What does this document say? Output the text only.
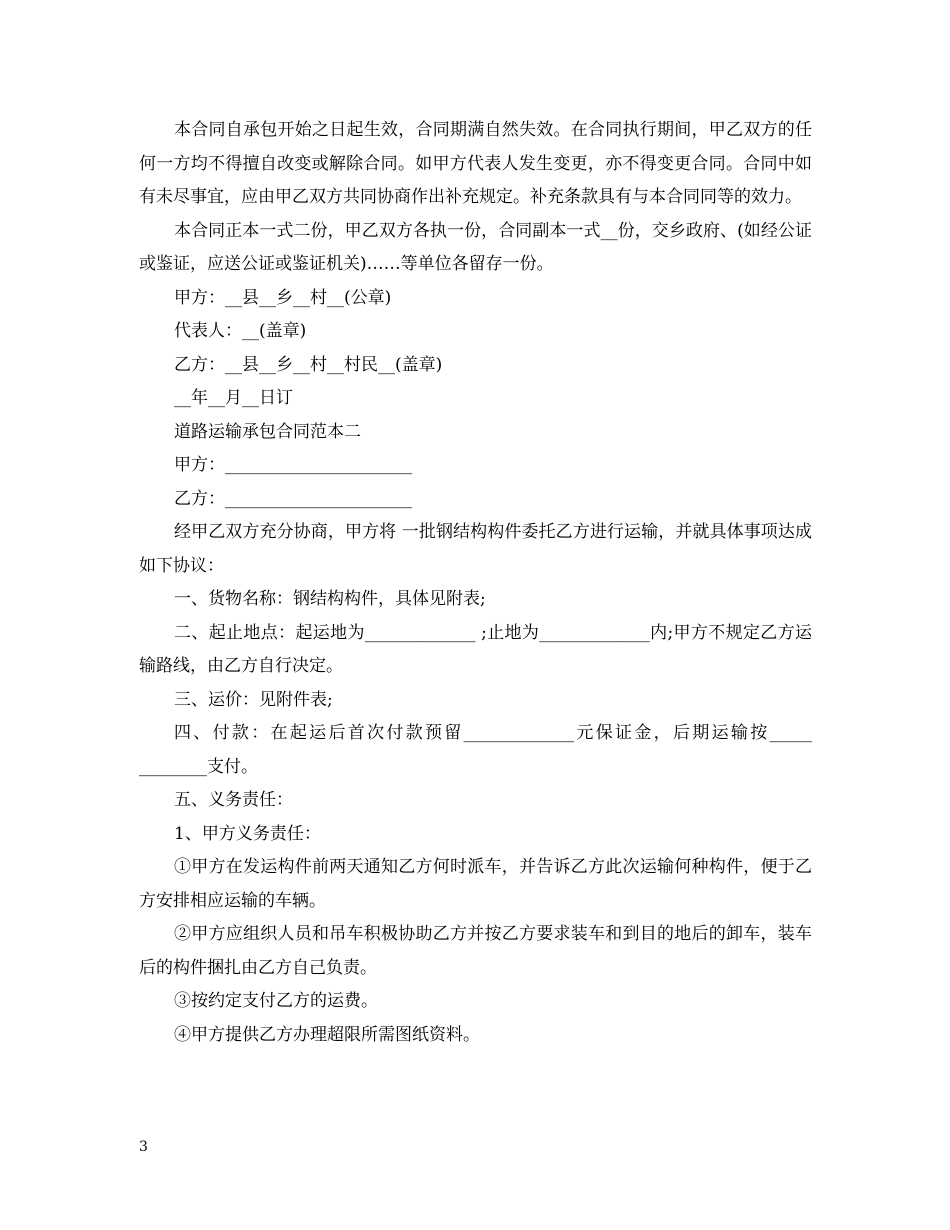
本合同自承包开始之日起生效，合同期满自然失效。在合同执行期间，甲乙双方的任何一方均不得擅自改变或解除合同。如甲方代表人发生变更，亦不得变更合同。合同中如有未尽事宜，应由甲乙双方共同协商作出补充规定。补充条款具有与本合同同等的效力。

本合同正本一式二份，甲乙双方各执一份，合同副本一式__份，交乡政府、(如经公证或鉴证，应送公证或鉴证机关)……等单位各留存一份。

甲方：__县__乡__村__(公章)

代表人：__(盖章)

乙方：__县__乡__村__村民__(盖章)

__年__月__日订

道路运输承包合同范本二

甲方：______________________

乙方：______________________

经甲乙双方充分协商，甲方将 一批钢结构构件委托乙方进行运输，并就具体事项达成如下协议：

一、货物名称：钢结构构件，具体见附表;

二、起止地点：起运地为_____________ ;止地为_____________内;甲方不规定乙方运输路线，由乙方自行决定。

三、运价：见附件表;

四、付款：在起运后首次付款预留_____________元保证金，后期运输按_____ ________支付。

五、义务责任：

1、甲方义务责任：

①甲方在发运构件前两天通知乙方何时派车，并告诉乙方此次运输何种构件，便于乙方安排相应运输的车辆。

②甲方应组织人员和吊车积极协助乙方并按乙方要求装车和到目的地后的卸车，装车后的构件捆扎由乙方自己负责。

③按约定支付乙方的运费。

④甲方提供乙方办理超限所需图纸资料。

3
